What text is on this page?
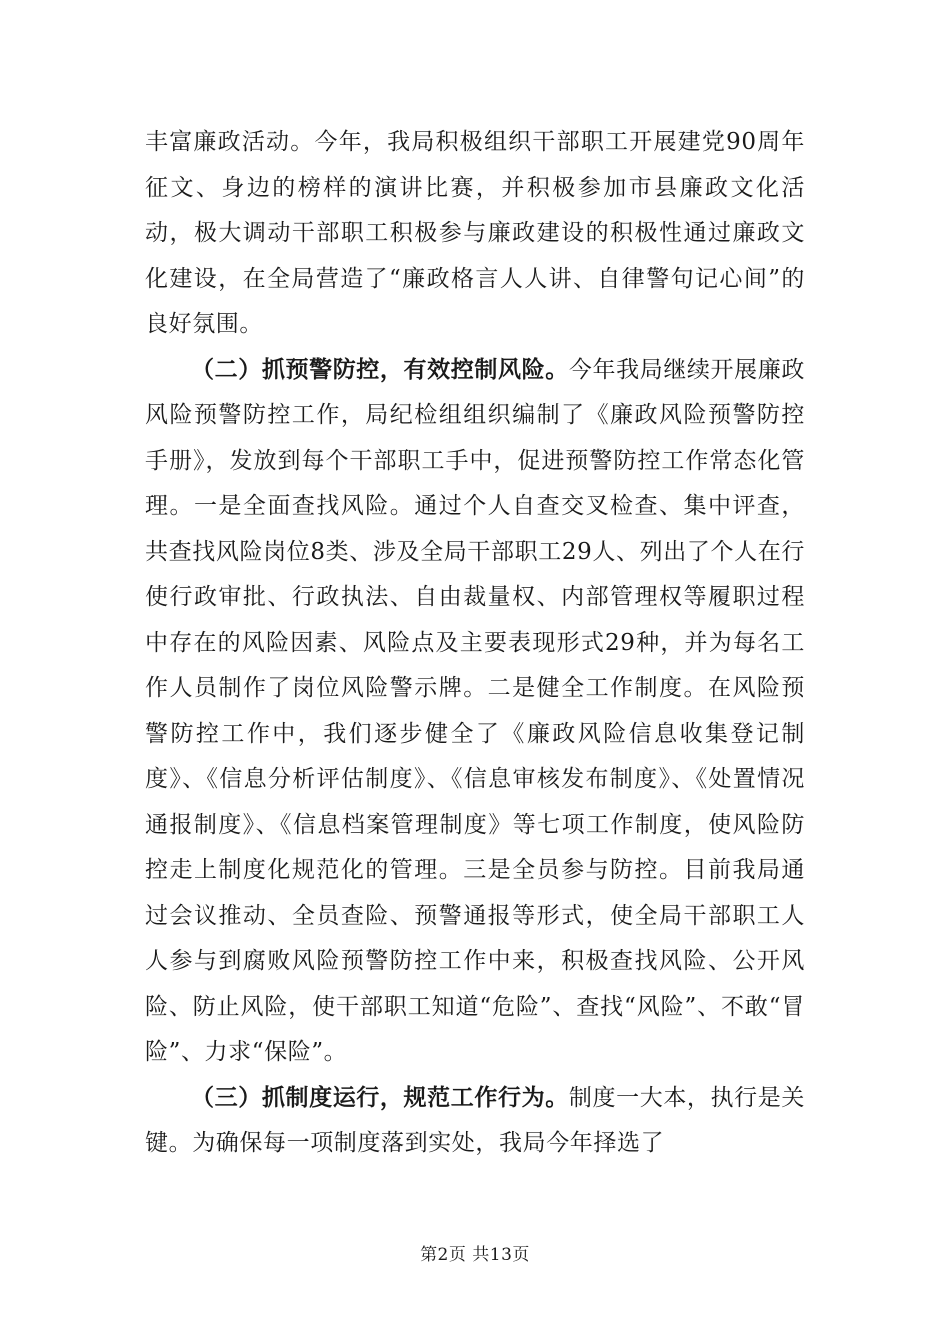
丰富廉政活动。今年，我局积极组织干部职工开展建党90周年征文、身边的榜样的演讲比赛，并积极参加市县廉政文化活动，极大调动干部职工积极参与廉政建设的积极性通过廉政文化建设，在全局营造了“廉政格言人人讲、自律警句记心间”的良好氛围。

（二）抓预警防控，有效控制风险。今年我局继续开展廉政风险预警防控工作，局纪检组组织编制了《廉政风险预警防控手册》，发放到每个干部职工手中，促进预警防控工作常态化管理。一是全面查找风险。通过个人自查交叉检查、集中评查，共查找风险岗位8类、涉及全局干部职工29人、列出了个人在行使行政审批、行政执法、自由裁量权、内部管理权等履职过程中存在的风险因素、风险点及主要表现形式29种，并为每名工作人员制作了岗位风险警示牌。二是健全工作制度。在风险预警防控工作中，我们逐步健全了《廉政风险信息收集登记制度》、《信息分析评估制度》、《信息审核发布制度》、《处置情况通报制度》、《信息档案管理制度》等七项工作制度，使风险防控走上制度化规范化的管理。三是全员参与防控。目前我局通过会议推动、全员查险、预警通报等形式，使全局干部职工人人参与到腐败风险预警防控工作中来，积极查找风险、公开风险、防止风险，使干部职工知道“危险”、查找“风险”、不敢“冒险”、力求“保险”。

（三）抓制度运行，规范工作行为。制度一大本，执行是关键。为确保每一项制度落到实处，我局今年择选了

第2页 共13页
